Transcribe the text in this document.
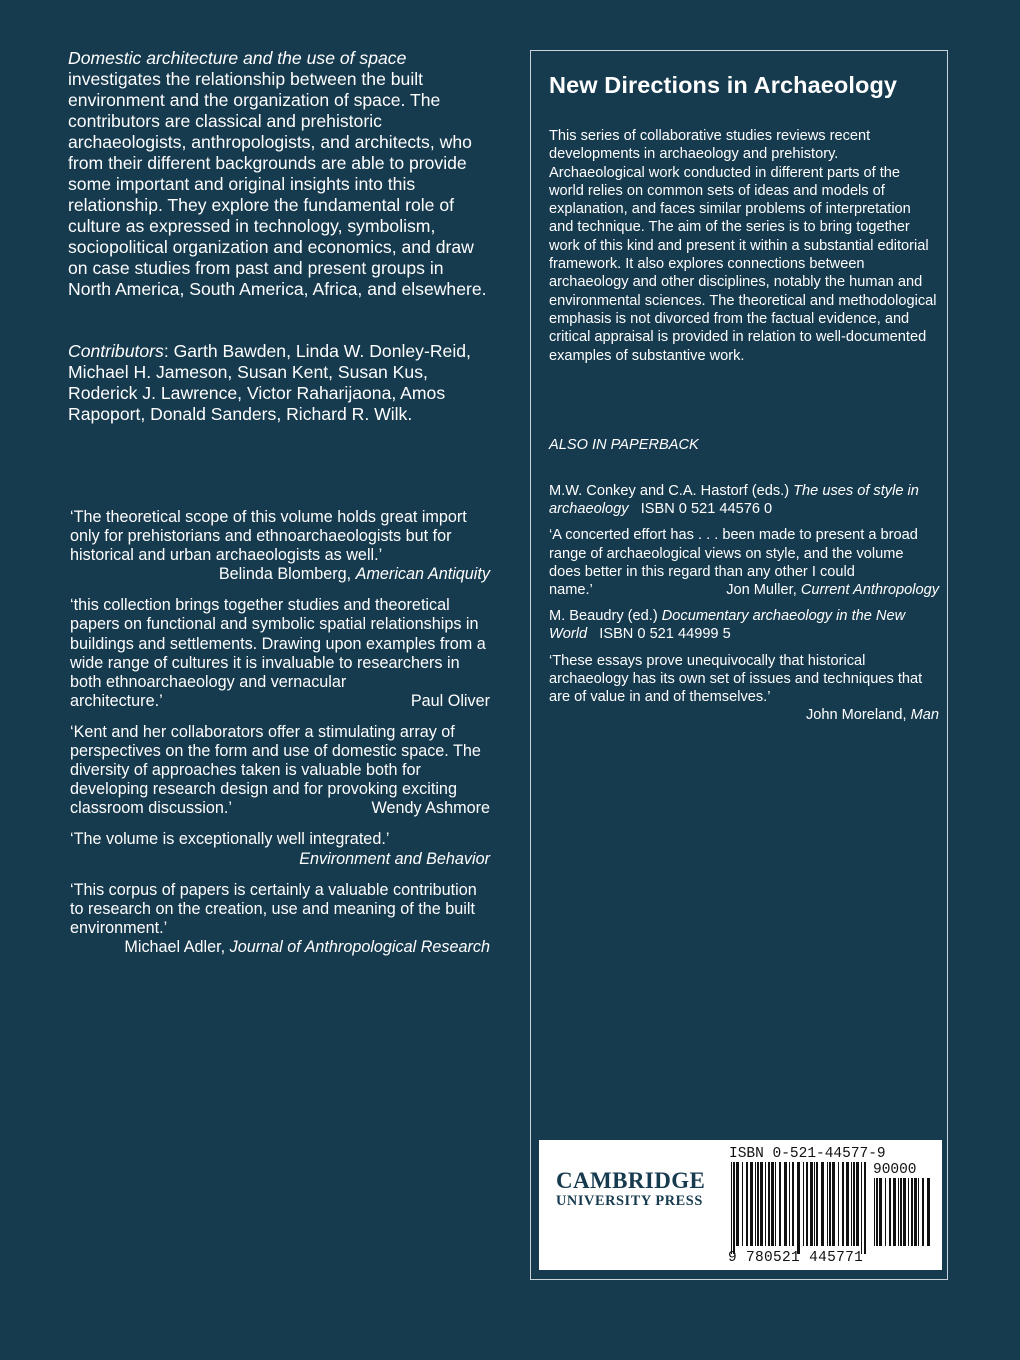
Domestic architecture and the use of space investigates the relationship between the built environment and the organization of space. The contributors are classical and prehistoric archaeologists, anthropologists, and architects, who from their different backgrounds are able to provide some important and original insights into this relationship. They explore the fundamental role of culture as expressed in technology, symbolism, sociopolitical organization and economics, and draw on case studies from past and present groups in North America, South America, Africa, and elsewhere.

Contributors: Garth Bawden, Linda W. Donley-Reid, Michael H. Jameson, Susan Kent, Susan Kus, Roderick J. Lawrence, Victor Raharijaona, Amos Rapoport, Donald Sanders, Richard R. Wilk.

‘The theoretical scope of this volume holds great import only for prehistorians and ethnoarchaeologists but for historical and urban archaeologists as well.’
Belinda Blomberg, American Antiquity
‘this collection brings together studies and theoretical papers on functional and symbolic spatial relationships in buildings and settlements. Drawing upon examples from a wide range of cultures it is invaluable to researchers in both ethnoarchaeology and vernacular
architecture.’	Paul Oliver
‘Kent and her collaborators offer a stimulating array of perspectives on the form and use of domestic space. The diversity of approaches taken is valuable both for developing research design and for provoking exciting
classroom discussion.’	Wendy Ashmore
‘The volume is exceptionally well integrated.’
Environment and Behavior
‘This corpus of papers is certainly a valuable contribution to research on the creation, use and meaning of the built environment.’
Michael Adler, Journal of Anthropological Research
New Directions in Archaeology
This series of collaborative studies reviews recent developments in archaeology and prehistory. Archaeological work conducted in different parts of the world relies on common sets of ideas and models of explanation, and faces similar problems of interpretation and technique. The aim of the series is to bring together work of this kind and present it within a substantial editorial framework. It also explores connections between archaeology and other disciplines, notably the human and environmental sciences. The theoretical and methodological emphasis is not divorced from the factual evidence, and critical appraisal is provided in relation to well-documented examples of substantive work.
ALSO IN PAPERBACK
M.W. Conkey and C.A. Hastorf (eds.) The uses of style in archaeology ISBN 0 521 44576 0
‘A concerted effort has . . . been made to present a broad range of archaeological views on style, and the volume does better in this regard than any other I could
name.’	Jon Muller, Current Anthropology
M. Beaudry (ed.) Documentary archaeology in the New World ISBN 0 521 44999 5
‘These essays prove unequivocally that historical archaeology has its own set of issues and techniques that are of value in and of themselves.’
John Moreland, Man
CAMBRIDGE
UNIVERSITY PRESS
ISBN 0-521-44577-9
90000
9 780521 445771
